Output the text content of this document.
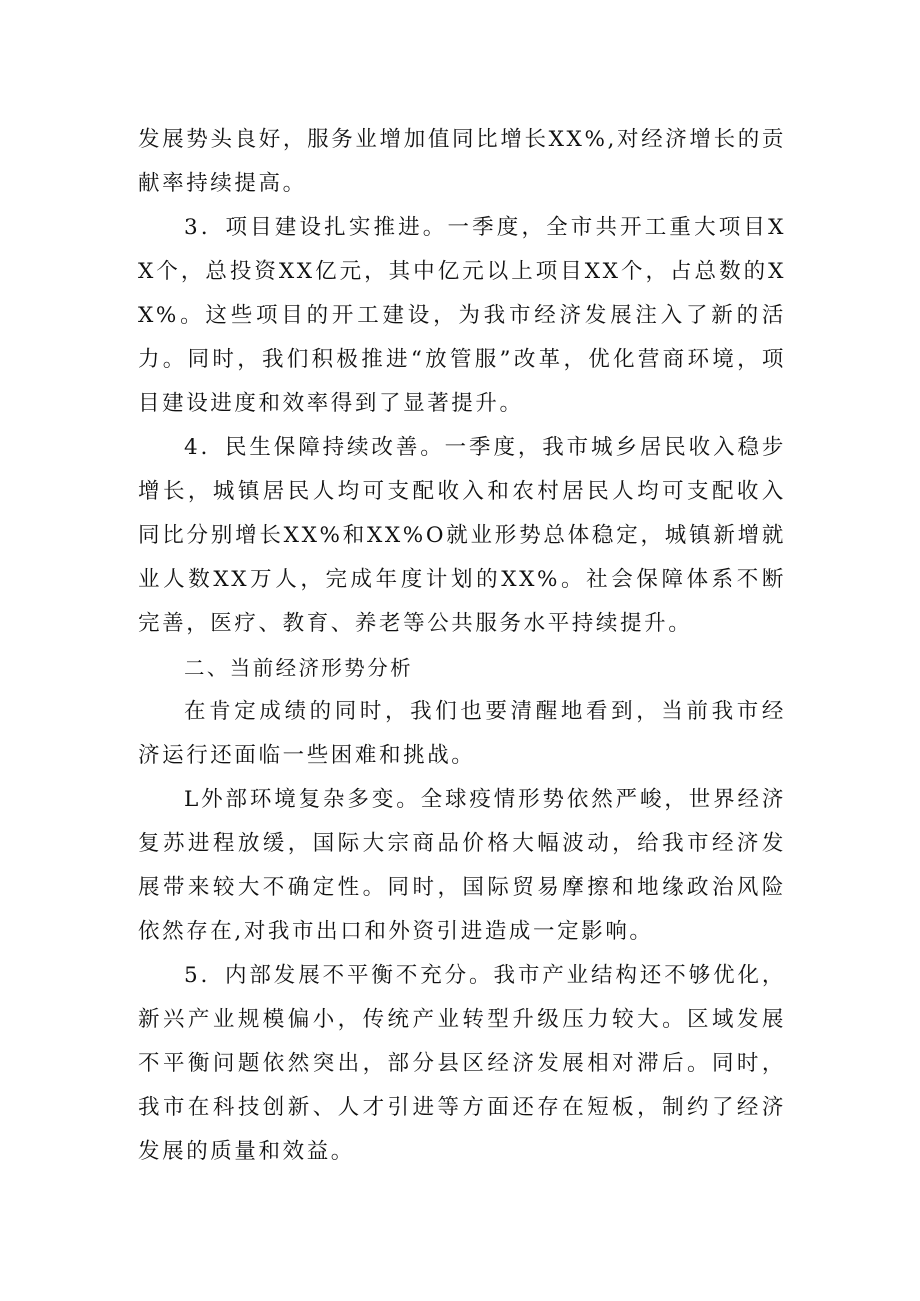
发展势头良好，服务业增加值同比增长XX%,对经济增长的贡献率持续提高。

3．项目建设扎实推进。一季度，全市共开工重大项目XX个，总投资XX亿元，其中亿元以上项目XX个，占总数的XX%。这些项目的开工建设，为我市经济发展注入了新的活力。同时，我们积极推进“放管服”改革，优化营商环境，项目建设进度和效率得到了显著提升。

4．民生保障持续改善。一季度，我市城乡居民收入稳步增长，城镇居民人均可支配收入和农村居民人均可支配收入同比分别增长XX%和XX%O就业形势总体稳定，城镇新增就业人数XX万人，完成年度计划的XX%。社会保障体系不断完善，医疗、教育、养老等公共服务水平持续提升。

二、当前经济形势分析

在肯定成绩的同时，我们也要清醒地看到，当前我市经济运行还面临一些困难和挑战。

L外部环境复杂多变。全球疫情形势依然严峻，世界经济复苏进程放缓，国际大宗商品价格大幅波动，给我市经济发展带来较大不确定性。同时，国际贸易摩擦和地缘政治风险依然存在,对我市出口和外资引进造成一定影响。

5．内部发展不平衡不充分。我市产业结构还不够优化，新兴产业规模偏小，传统产业转型升级压力较大。区域发展不平衡问题依然突出，部分县区经济发展相对滞后。同时，我市在科技创新、人才引进等方面还存在短板，制约了经济发展的质量和效益。
